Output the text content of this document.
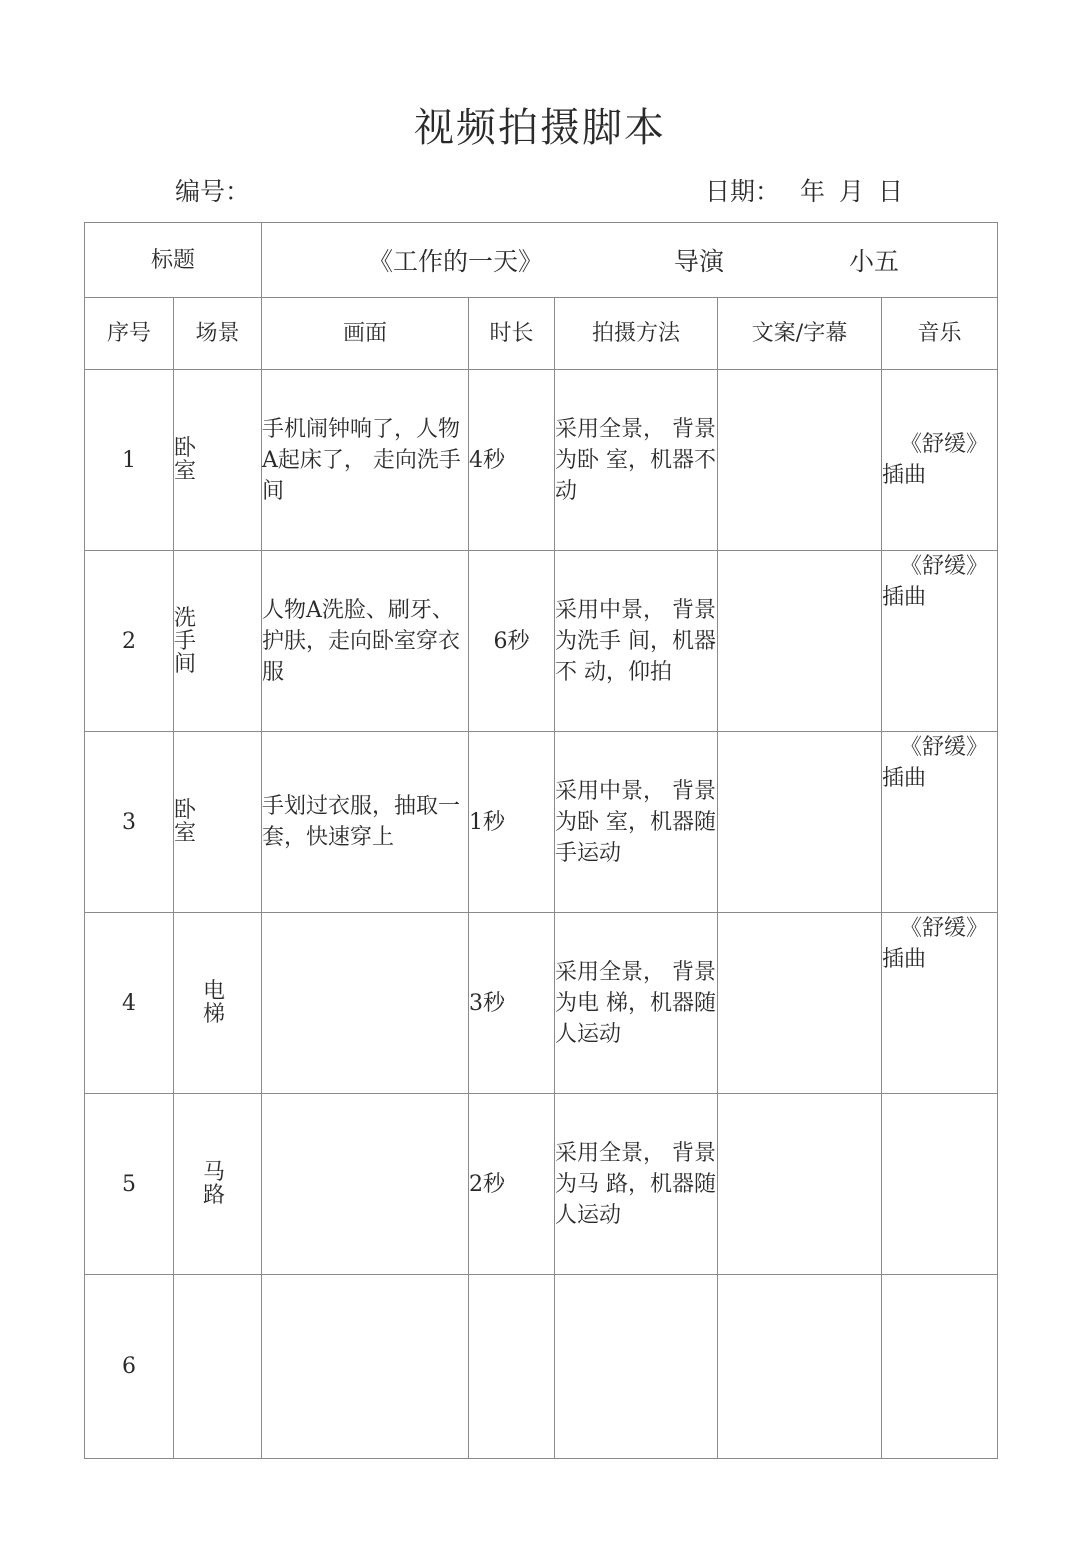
视频拍摄脚本
编号：	日期： 年 月 日
标题		《工作的一天》 导演 小五				

序号	场景	画面	时长	拍摄方法	文案/字幕	音乐
1	卧室	手机闹钟响了，人物A起床了， 走向洗手间	4秒	采用全景， 背景为卧 室，机器不 动		《舒缓》插曲
2	洗手间	人物A洗脸、刷牙、护肤，走向卧室穿衣服	6秒	采用中景， 背景为洗手 间，机器不 动，仰拍		《舒缓》插曲
3	卧室	手划过衣服，抽取一套，快速穿上	1秒	采用中景， 背景为卧 室，机器随 手运动		《舒缓》插曲
4	电梯		3秒	采用全景， 背景为电 梯，机器随 人运动		《舒缓》插曲
5	马路		2秒	采用全景， 背景为马 路，机器随 人运动		
6						
